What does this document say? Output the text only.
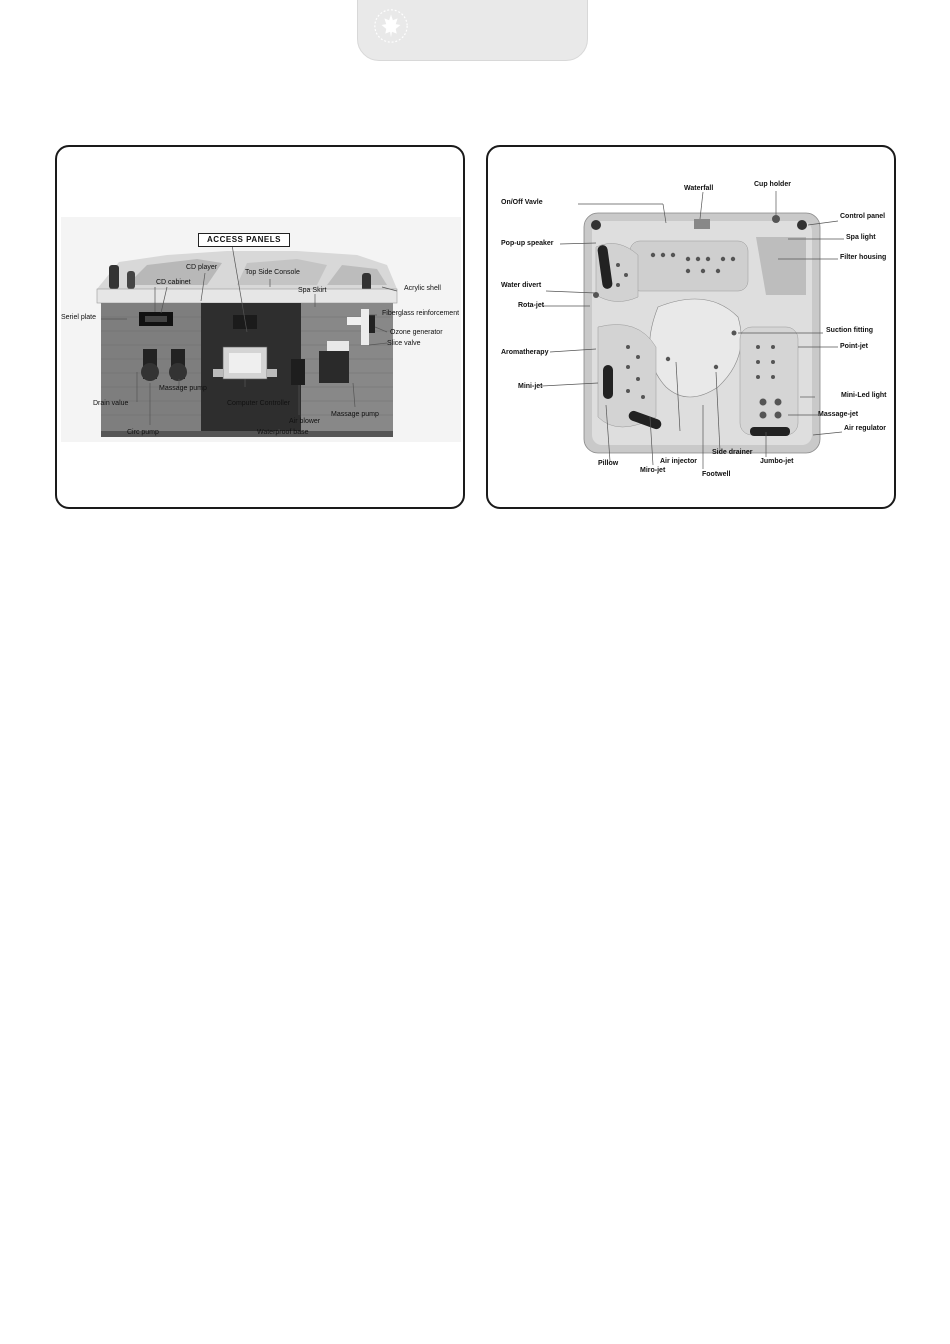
ACCESS PANELS
CD player
CD cabinet
Top Side Console
Spa Skirt	Acrylic shell
Seriel plate
Fiberglass reinforcement
Ozone generator
Slice valve
Drain value
Massage pump
Computer Controller
Air blower
Massage pump
Circ pump	Waterproof base
Waterfall
Cup holder
On/Off Vavle
Control panel
Spa light
Pop-up speaker
Filter housing
Water divert
Rota-jet
Suction fitting
Point-jet
Aromatherapy
Mini-jet
Mini-Led light
Massage-jet
Air regulator
Side drainer
Air injector	Jumbo-jet
Pillow
Miro-jet
Footwell
